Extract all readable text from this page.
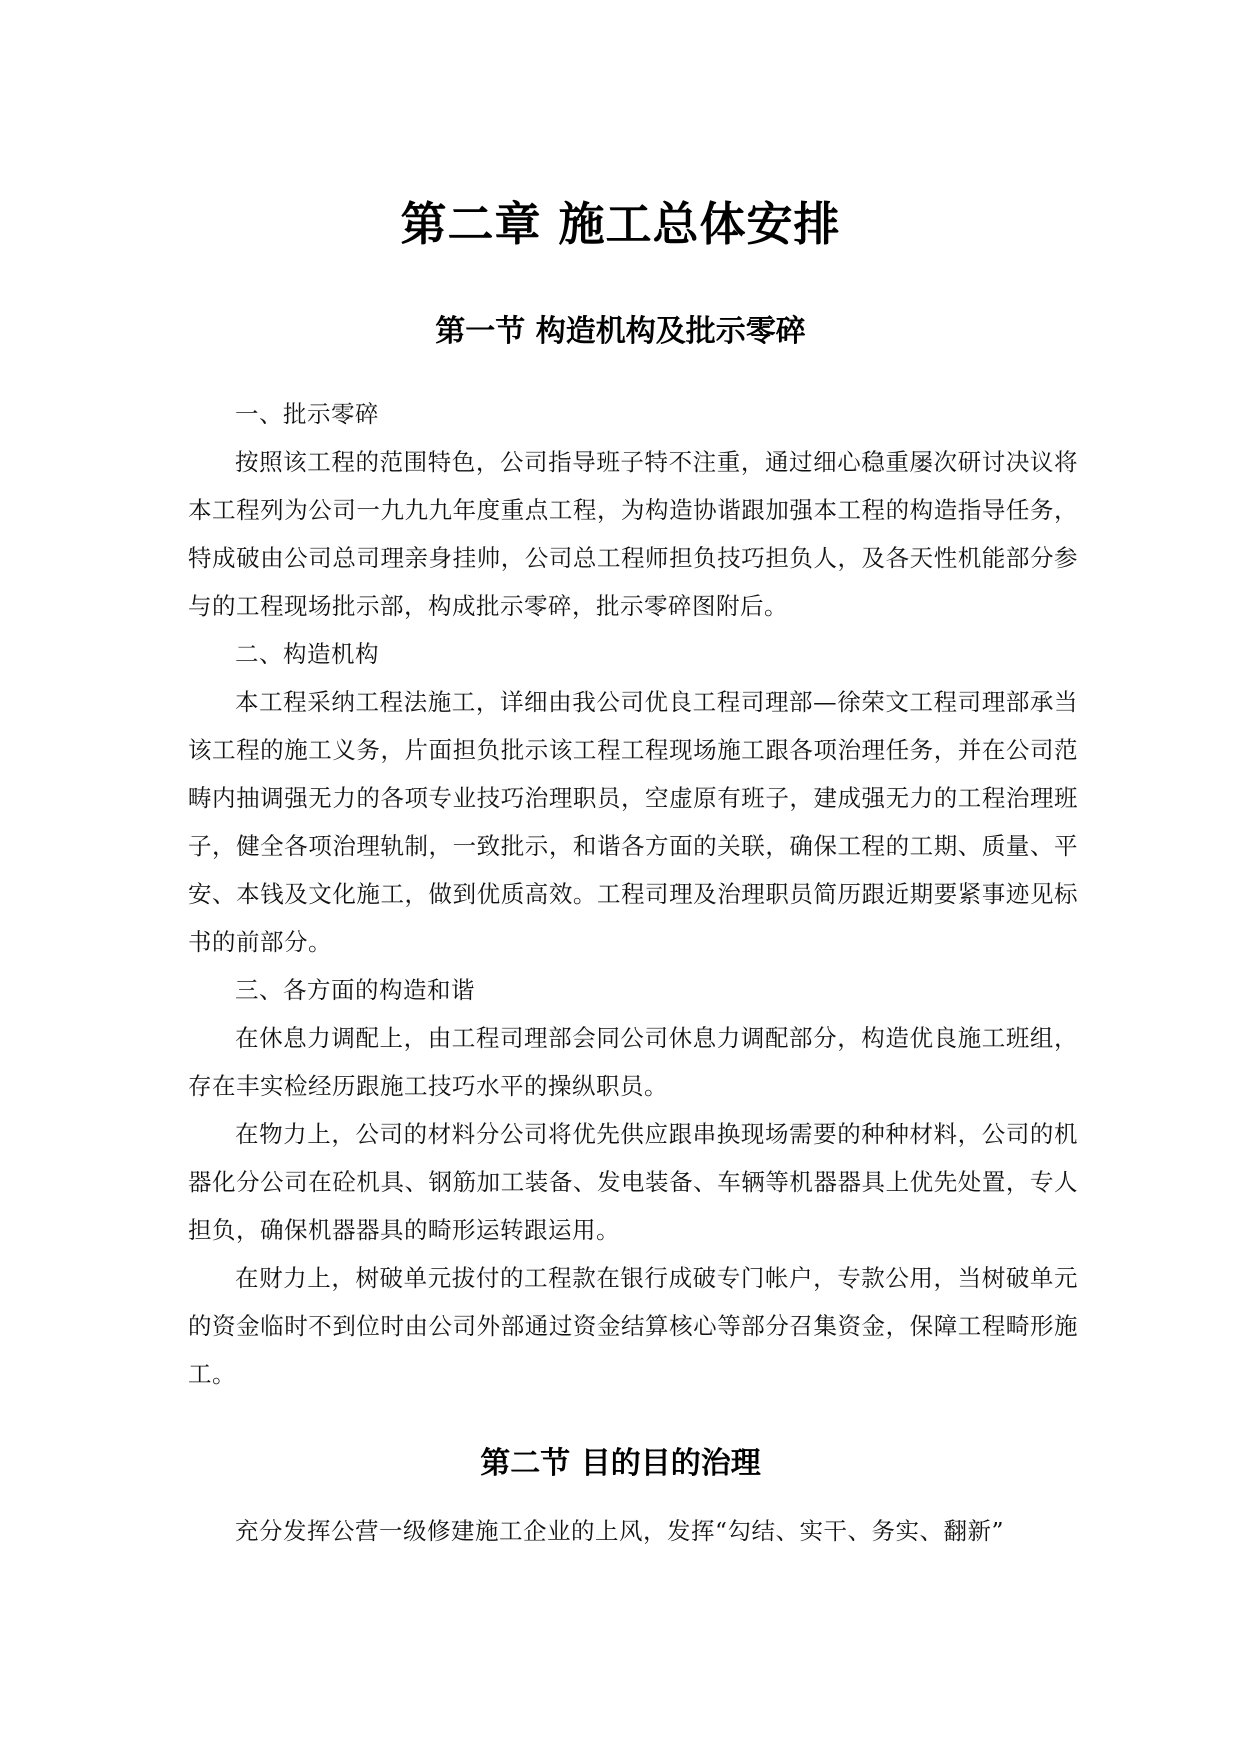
第二章 施工总体安排
第一节 构造机构及批示零碎

一、批示零碎

按照该工程的范围特色，公司指导班子特不注重，通过细心稳重屡次研讨决议将本工程列为公司一九九九年度重点工程，为构造协谐跟加强本工程的构造指导任务，特成破由公司总司理亲身挂帅，公司总工程师担负技巧担负人，及各天性机能部分参与的工程现场批示部，构成批示零碎，批示零碎图附后。

二、构造机构

本工程采纳工程法施工，详细由我公司优良工程司理部—徐荣文工程司理部承当该工程的施工义务，片面担负批示该工程工程现场施工跟各项治理任务，并在公司范畴内抽调强无力的各项专业技巧治理职员，空虚原有班子，建成强无力的工程治理班子，健全各项治理轨制，一致批示，和谐各方面的关联，确保工程的工期、质量、平安、本钱及文化施工，做到优质高效。工程司理及治理职员简历跟近期要紧事迹见标书的前部分。

三、各方面的构造和谐

在休息力调配上，由工程司理部会同公司休息力调配部分，构造优良施工班组，存在丰实检经历跟施工技巧水平的操纵职员。

在物力上，公司的材料分公司将优先供应跟串换现场需要的种种材料，公司的机器化分公司在砼机具、钢筋加工装备、发电装备、车辆等机器器具上优先处置，专人担负，确保机器器具的畸形运转跟运用。

在财力上，树破单元拔付的工程款在银行成破专门帐户，专款公用，当树破单元的资金临时不到位时由公司外部通过资金结算核心等部分召集资金，保障工程畸形施工。

第二节 目的目的治理

充分发挥公营一级修建施工企业的上风，发挥“勾结、实干、务实、翻新”
